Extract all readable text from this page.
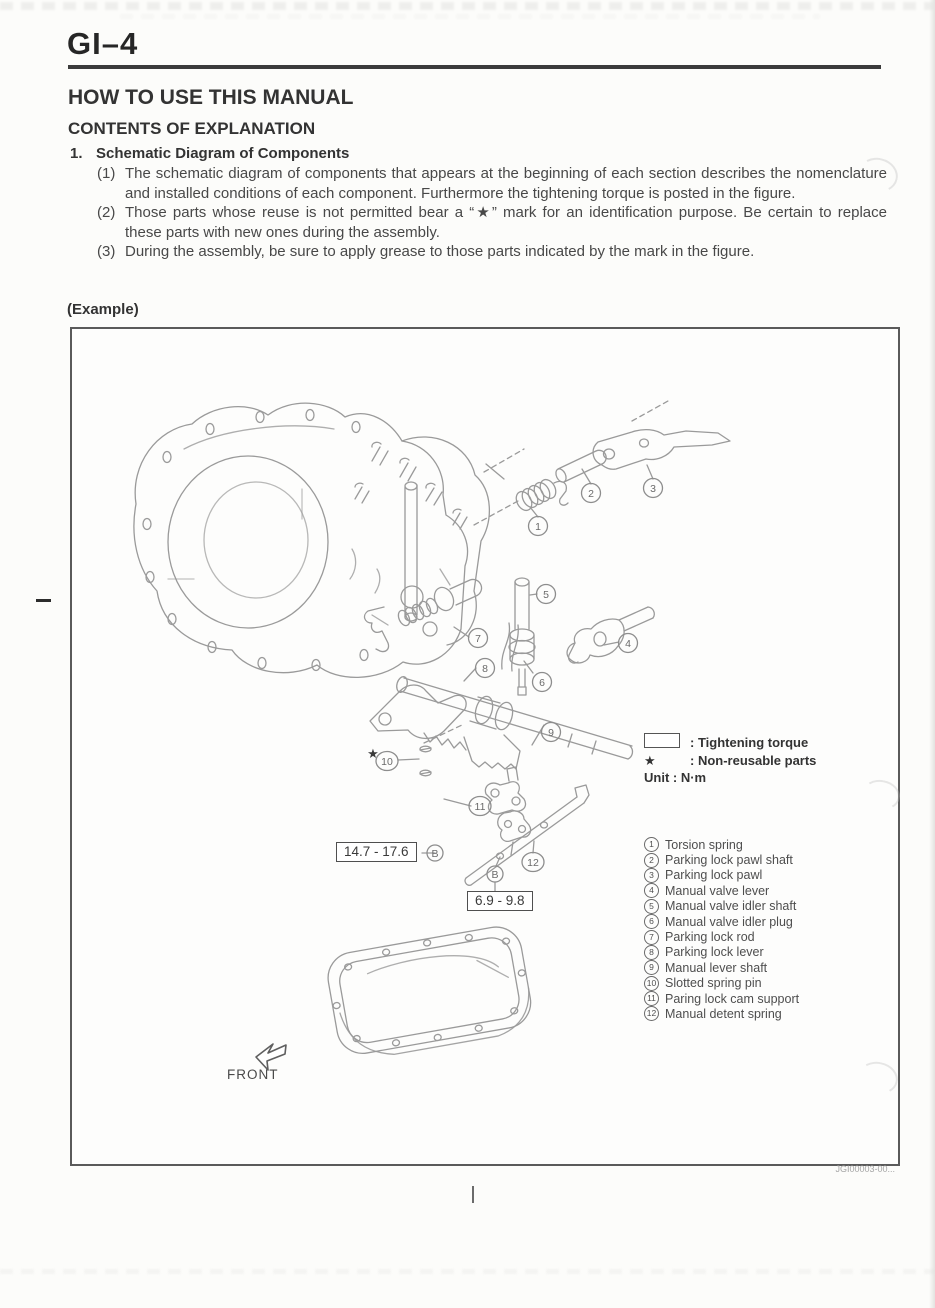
GI–4
HOW TO USE THIS MANUAL
CONTENTS OF EXPLANATION
1. Schematic Diagram of Components
(1) The schematic diagram of components that appears at the beginning of each section describes the nomenclature and installed conditions of each component. Furthermore the tightening torque is posted in the figure.
(2) Those parts whose reuse is not permitted bear a “★” mark for an identification purpose. Be certain to replace these parts with new ones during the assembly.
(3) During the assembly, be sure to apply grease to those parts indicated by the mark in the figure.
(Example)
1
2	3
4
5
6
7
8
9
10
11
12
B
B
★
: Tightening torque
★	: Non-reusable parts
Unit : N·m
1 Torsion spring
2 Parking lock pawl shaft
3 Parking lock pawl
4 Manual valve lever
5 Manual valve idler shaft
6 Manual valve idler plug
7 Parking lock rod
8 Parking lock lever
9 Manual lever shaft
10 Slotted spring pin
11 Paring lock cam support
12 Manual detent spring
14.7 - 17.6
6.9 - 9.8
FRONT
JGI00003-00...
